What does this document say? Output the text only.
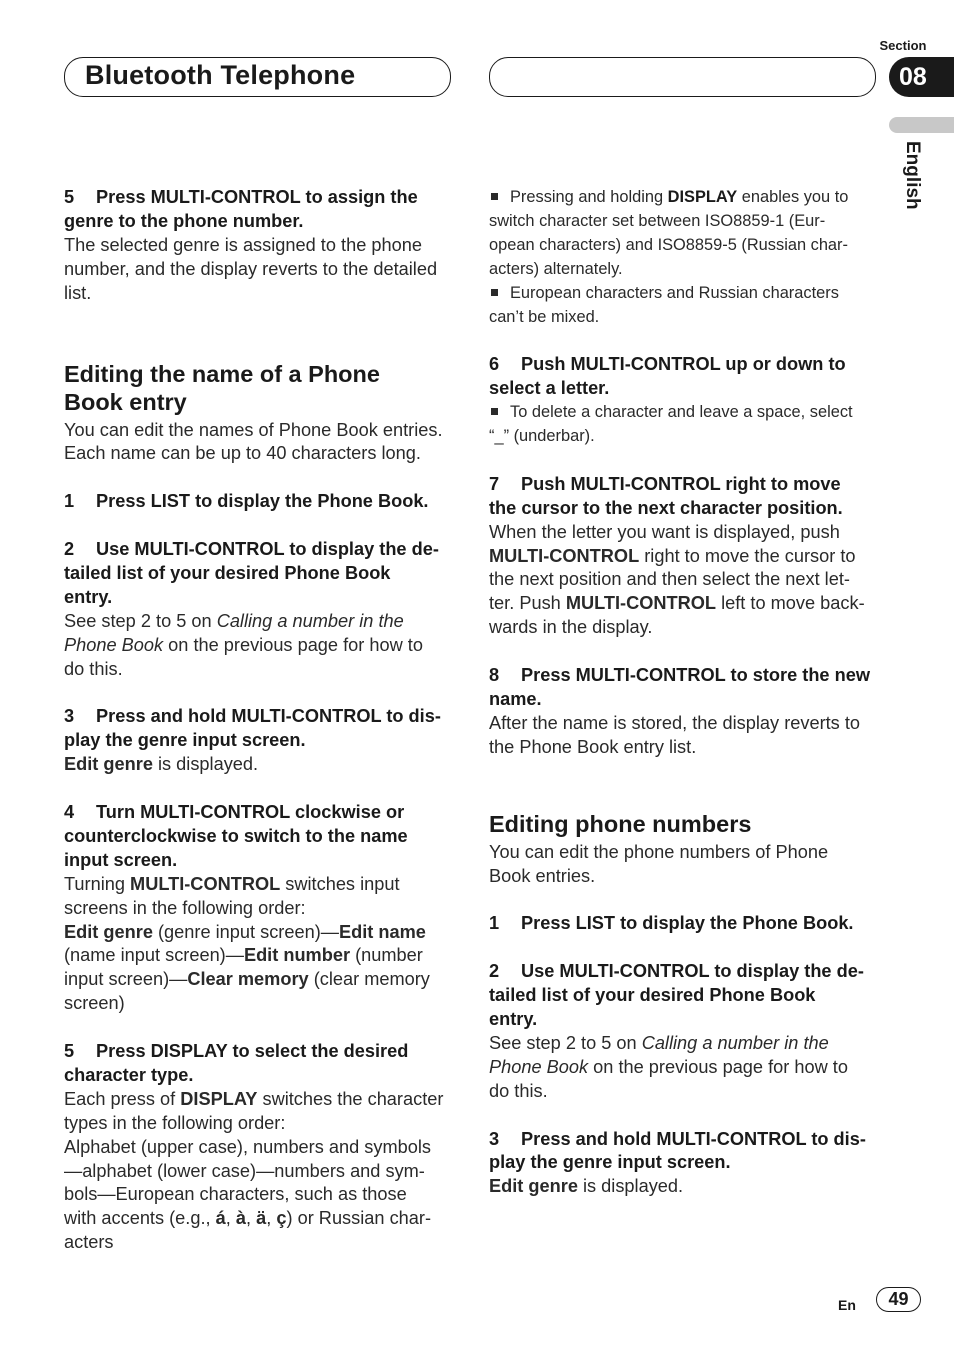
Bluetooth Telephone
Section
08
English
5 Press MULTI-CONTROL to assign the
genre to the phone number.
The selected genre is assigned to the phone
number, and the display reverts to the detailed
list.
Editing the name of a Phone
Book entry
You can edit the names of Phone Book entries.
Each name can be up to 40 characters long.
1 Press LIST to display the Phone Book.
2 Use MULTI-CONTROL to display the de-
tailed list of your desired Phone Book
entry.
See step 2 to 5 on Calling a number in the
Phone Book on the previous page for how to
do this.
3 Press and hold MULTI-CONTROL to dis-
play the genre input screen.
Edit genre is displayed.
4 Turn MULTI-CONTROL clockwise or
counterclockwise to switch to the name
input screen.
Turning MULTI-CONTROL switches input
screens in the following order:
Edit genre (genre input screen)—Edit name
(name input screen)—Edit number (number
input screen)—Clear memory (clear memory
screen)
5 Press DISPLAY to select the desired
character type.
Each press of DISPLAY switches the character
types in the following order:
Alphabet (upper case), numbers and symbols
—alphabet (lower case)—numbers and sym-
bols—European characters, such as those
with accents (e.g., á, à, ä, ç) or Russian char-
acters
Pressing and holding DISPLAY enables you to
switch character set between ISO8859-1 (Eur-
opean characters) and ISO8859-5 (Russian char-
acters) alternately.
European characters and Russian characters
can’t be mixed.
6 Push MULTI-CONTROL up or down to
select a letter.
To delete a character and leave a space, select
“_” (underbar).
7 Push MULTI-CONTROL right to move
the cursor to the next character position.
When the letter you want is displayed, push
MULTI-CONTROL right to move the cursor to
the next position and then select the next let-
ter. Push MULTI-CONTROL left to move back-
wards in the display.
8 Press MULTI-CONTROL to store the new
name.
After the name is stored, the display reverts to
the Phone Book entry list.
Editing phone numbers
You can edit the phone numbers of Phone
Book entries.
1 Press LIST to display the Phone Book.
2 Use MULTI-CONTROL to display the de-
tailed list of your desired Phone Book
entry.
See step 2 to 5 on Calling a number in the
Phone Book on the previous page for how to
do this.
3 Press and hold MULTI-CONTROL to dis-
play the genre input screen.
Edit genre is displayed.
En	49
